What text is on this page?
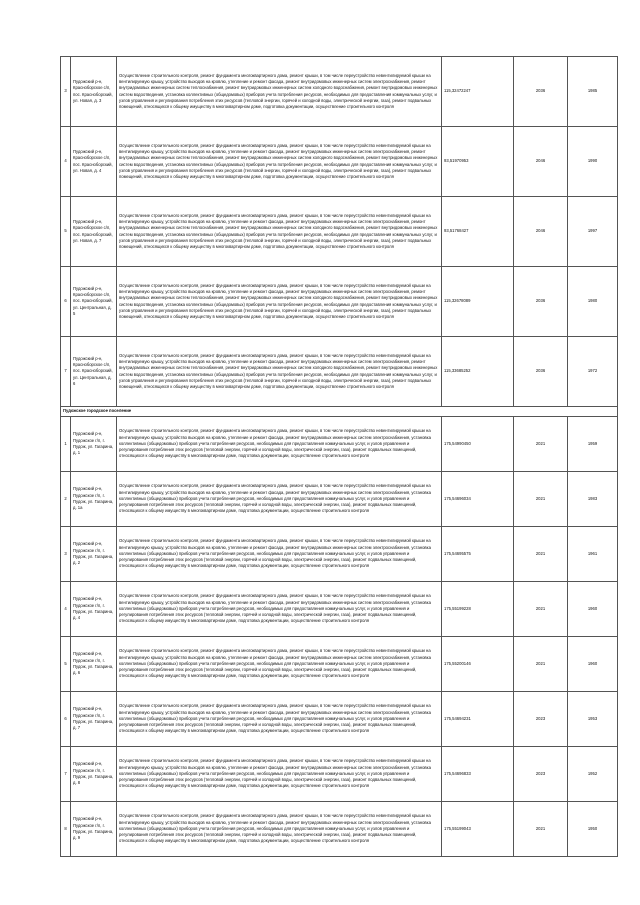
3	Пудожский р-н, Красноборское с/п, пос. Красноборский, ул. Новая, д. 3	Осуществление строительного контроля, ремонт фундамента многоквартирного дома, ремонт крыши, в том числе переустройство невентилируемой крыши на вентилируемую крышу, устройство выходов на кровлю, утепление и ремонт фасада, ремонт внутридомовых инженерных систем электроснабжения, ремонт внутридомовых инженерных систем теплоснабжения, ремонт внутридомовых инженерных систем холодного водоснабжения, ремонт внутридомовых инженерных систем водоотведения, установка коллективных (общедомовых) приборов учета потребления ресурсов, необходимых для предоставления коммунальных услуг, и узлов управления и регулирования потребления этих ресурсов (тепловой энергии, горячей и холодной воды, электрической энергии, газа), ремонт подвальных помещений, относящихся к общему имуществу в многоквартирном доме, подготовка документации, осуществление строительного контроля	115,32472247	2036	1985
4	Пудожский р-н, Красноборское с/п, пос. Красноборский, ул. Новая, д. 4	Осуществление строительного контроля, ремонт фундамента многоквартирного дома, ремонт крыши, в том числе переустройство невентилируемой крыши на вентилируемую крышу, устройство выходов на кровлю, утепление и ремонт фасада, ремонт внутридомовых инженерных систем электроснабжения, ремонт внутридомовых инженерных систем теплоснабжения, ремонт внутридомовых инженерных систем холодного водоснабжения, ремонт внутридомовых инженерных систем водоотведения, установка коллективных (общедомовых) приборов учета потребления ресурсов, необходимых для предоставления коммунальных услуг, и узлов управления и регулирования потребления этих ресурсов (тепловой энергии, горячей и холодной воды, электрической энергии, газа), ремонт подвальных помещений, относящихся к общему имуществу в многоквартирном доме, подготовка документации, осуществление строительного контроля	93,51970953	2046	1990
5	Пудожский р-н, Красноборское с/п, пос. Красноборский, ул. Новая, д. 7	Осуществление строительного контроля, ремонт фундамента многоквартирного дома, ремонт крыши, в том числе переустройство невентилируемой крыши на вентилируемую крышу, устройство выходов на кровлю, утепление и ремонт фасада, ремонт внутридомовых инженерных систем электроснабжения, ремонт внутридомовых инженерных систем теплоснабжения, ремонт внутридомовых инженерных систем холодного водоснабжения, ремонт внутридомовых инженерных систем водоотведения, установка коллективных (общедомовых) приборов учета потребления ресурсов, необходимых для предоставления коммунальных услуг, и узлов управления и регулирования потребления этих ресурсов (тепловой энергии, горячей и холодной воды, электрической энергии, газа), ремонт подвальных помещений, относящихся к общему имуществу в многоквартирном доме, подготовка документации, осуществление строительного контроля	93,51768427	2046	1997
6	Пудожский р-н, Красноборское с/п, пос. Красноборский, ул. Центральная, д. 5	Осуществление строительного контроля, ремонт фундамента многоквартирного дома, ремонт крыши, в том числе переустройство невентилируемой крыши на вентилируемую крышу, устройство выходов на кровлю, утепление и ремонт фасада, ремонт внутридомовых инженерных систем электроснабжения, ремонт внутридомовых инженерных систем теплоснабжения, ремонт внутридомовых инженерных систем холодного водоснабжения, ремонт внутридомовых инженерных систем водоотведения, установка коллективных (общедомовых) приборов учета потребления ресурсов, необходимых для предоставления коммунальных услуг, и узлов управления и регулирования потребления этих ресурсов (тепловой энергии, горячей и холодной воды, электрической энергии, газа), ремонт подвальных помещений, относящихся к общему имуществу в многоквартирном доме, подготовка документации, осуществление строительного контроля	115,32678089	2036	1980
7	Пудожский р-н, Красноборское с/п, пос. Красноборский, ул. Центральная, д. 6	Осуществление строительного контроля, ремонт фундамента многоквартирного дома, ремонт крыши, в том числе переустройство невентилируемой крыши на вентилируемую крышу, устройство выходов на кровлю, утепление и ремонт фасада, ремонт внутридомовых инженерных систем электроснабжения, ремонт внутридомовых инженерных систем теплоснабжения, ремонт внутридомовых инженерных систем холодного водоснабжения, ремонт внутридомовых инженерных систем водоотведения, установка коллективных (общедомовых) приборов учета потребления ресурсов, необходимых для предоставления коммунальных услуг, и узлов управления и регулирования потребления этих ресурсов (тепловой энергии, горячей и холодной воды, электрической энергии, газа), ремонт подвальных помещений, относящихся к общему имуществу в многоквартирном доме, подготовка документации, осуществление строительного контроля	115,33685252	2036	1972
Пудожское городское поселение					
1	Пудожский р-н, Пудожское г/п, г. Пудож, ул. Гагарина, д. 1	Осуществление строительного контроля, ремонт фундамента многоквартирного дома, ремонт крыши, в том числе переустройство невентилируемой крыши на вентилируемую крышу, устройство выходов на кровлю, утепление и ремонт фасада, ремонт внутридомовых инженерных систем электроснабжения, установка коллективных (общедомовых) приборов учета потребления ресурсов, необходимых для предоставления коммунальных услуг, и узлов управления и регулирования потребления этих ресурсов (тепловой энергии, горячей и холодной воды, электрической энергии, газа), ремонт подвальных помещений, относящихся к общему имуществу в многоквартирном доме, подготовка документации, осуществление строительного контроля	175,54990450	2021	1959
2	Пудожский р-н, Пудожское г/п, г. Пудож, ул. Гагарина, д. 1а	Осуществление строительного контроля, ремонт фундамента многоквартирного дома, ремонт крыши, в том числе переустройство невентилируемой крыши на вентилируемую крышу, устройство выходов на кровлю, утепление и ремонт фасада, ремонт внутридомовых инженерных систем электроснабжения, установка коллективных (общедомовых) приборов учета потребления ресурсов, необходимых для предоставления коммунальных услуг, и узлов управления и регулирования потребления этих ресурсов (тепловой энергии, горячей и холодной воды, электрической энергии, газа), ремонт подвальных помещений, относящихся к общему имуществу в многоквартирном доме, подготовка документации, осуществление строительного контроля	175,54696034	2021	1983
3	Пудожский р-н, Пудожское г/п, г. Пудож, ул. Гагарина, д. 2	Осуществление строительного контроля, ремонт фундамента многоквартирного дома, ремонт крыши, в том числе переустройство невентилируемой крыши на вентилируемую крышу, устройство выходов на кровлю, утепление и ремонт фасада, ремонт внутридомовых инженерных систем электроснабжения, установка коллективных (общедомовых) приборов учета потребления ресурсов, необходимых для предоставления коммунальных услуг, и узлов управления и регулирования потребления этих ресурсов (тепловой энергии, горячей и холодной воды, электрической энергии, газа), ремонт подвальных помещений, относящихся к общему имуществу в многоквартирном доме, подготовка документации, осуществление строительного контроля	175,54695575	2021	1961
4	Пудожский р-н, Пудожское г/п, г. Пудож, ул. Гагарина, д. 4	Осуществление строительного контроля, ремонт фундамента многоквартирного дома, ремонт крыши, в том числе переустройство невентилируемой крыши на вентилируемую крышу, устройство выходов на кровлю, утепление и ремонт фасада, ремонт внутридомовых инженерных систем электроснабжения, установка коллективных (общедомовых) приборов учета потребления ресурсов, необходимых для предоставления коммунальных услуг, и узлов управления и регулирования потребления этих ресурсов (тепловой энергии, горячей и холодной воды, электрической энергии, газа), ремонт подвальных помещений, относящихся к общему имуществу в многоквартирном доме, подготовка документации, осуществление строительного контроля	175,55199228	2021	1960
5	Пудожский р-н, Пудожское г/п, г. Пудож, ул. Гагарина, д. 6	Осуществление строительного контроля, ремонт фундамента многоквартирного дома, ремонт крыши, в том числе переустройство невентилируемой крыши на вентилируемую крышу, устройство выходов на кровлю, утепление и ремонт фасада, ремонт внутридомовых инженерных систем электроснабжения, установка коллективных (общедомовых) приборов учета потребления ресурсов, необходимых для предоставления коммунальных услуг, и узлов управления и регулирования потребления этих ресурсов (тепловой энергии, горячей и холодной воды, электрической энергии, газа), ремонт подвальных помещений, относящихся к общему имуществу в многоквартирном доме, подготовка документации, осуществление строительного контроля	175,55200146	2021	1960
6	Пудожский р-н, Пудожское г/п, г. Пудож, ул. Гагарина, д. 7	Осуществление строительного контроля, ремонт фундамента многоквартирного дома, ремонт крыши, в том числе переустройство невентилируемой крыши на вентилируемую крышу, устройство выходов на кровлю, утепление и ремонт фасада, ремонт внутридомовых инженерных систем электроснабжения, установка коллективных (общедомовых) приборов учета потребления ресурсов, необходимых для предоставления коммунальных услуг, и узлов управления и регулирования потребления этих ресурсов (тепловой энергии, горячей и холодной воды, электрической энергии, газа), ремонт подвальных помещений, относящихся к общему имуществу в многоквартирном доме, подготовка документации, осуществление строительного контроля	175,54694231	2023	1953
7	Пудожский р-н, Пудожское г/п, г. Пудож, ул. Гагарина, д. 8	Осуществление строительного контроля, ремонт фундамента многоквартирного дома, ремонт крыши, в том числе переустройство невентилируемой крыши на вентилируемую крышу, устройство выходов на кровлю, утепление и ремонт фасада, ремонт внутридомовых инженерных систем электроснабжения, установка коллективных (общедомовых) приборов учета потребления ресурсов, необходимых для предоставления коммунальных услуг, и узлов управления и регулирования потребления этих ресурсов (тепловой энергии, горячей и холодной воды, электрической энергии, газа), ремонт подвальных помещений, относящихся к общему имуществу в многоквартирном доме, подготовка документации, осуществление строительного контроля	175,54696833	2023	1952
8	Пудожский р-н, Пудожское г/п, г. Пудож, ул. Гагарина, д. 9	Осуществление строительного контроля, ремонт фундамента многоквартирного дома, ремонт крыши, в том числе переустройство невентилируемой крыши на вентилируемую крышу, устройство выходов на кровлю, утепление и ремонт фасада, ремонт внутридомовых инженерных систем электроснабжения, установка коллективных (общедомовых) приборов учета потребления ресурсов, необходимых для предоставления коммунальных услуг, и узлов управления и регулирования потребления этих ресурсов (тепловой энергии, горячей и холодной воды, электрической энергии, газа), ремонт подвальных помещений, относящихся к общему имуществу в многоквартирном доме, подготовка документации, осуществление строительного контроля	175,55199043	2021	1950
